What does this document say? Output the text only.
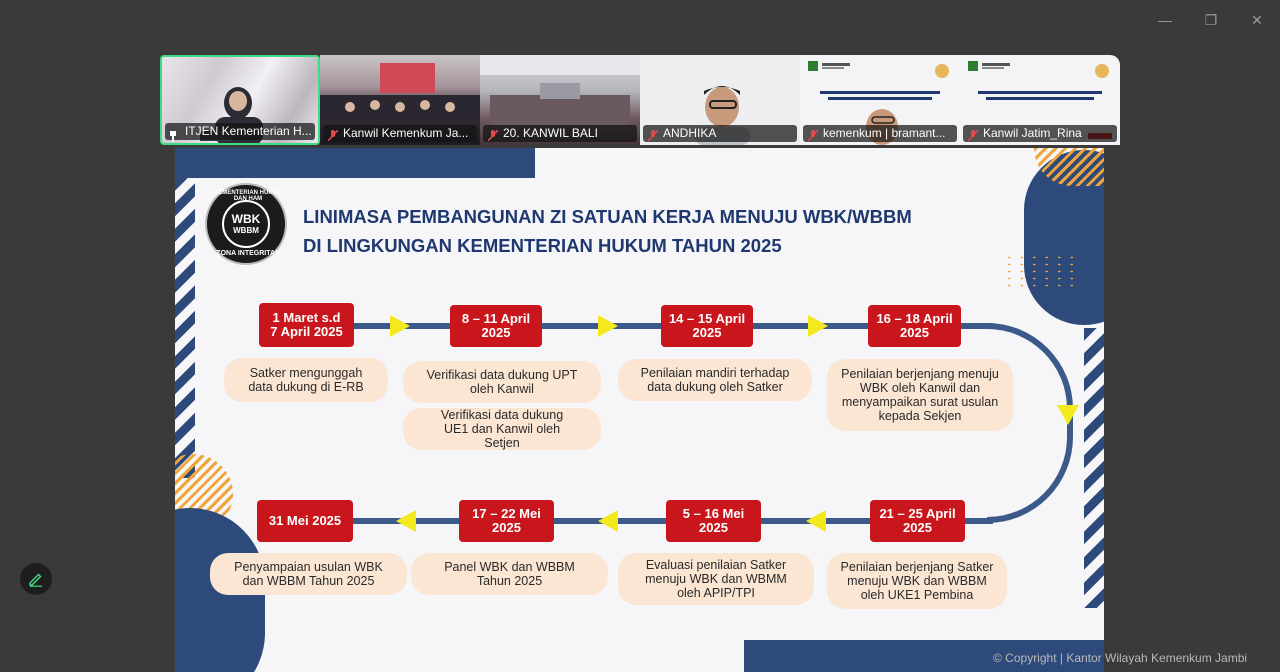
—	❐	✕
ITJEN Kementerian H...	Kanwil Kemenkum Ja...	20. KANWIL BALI	ANDHIKA	kemenkum | bramant...	Kanwil Jatim_Rina
KEMENTERIAN HUKUM DAN HAM
WBK
WBBM
ZONA INTEGRITAS
LINIMASA PEMBANGUNAN ZI SATUAN KERJA MENUJU WBK/WBBM
DI LINGKUNGAN KEMENTERIAN HUKUM TAHUN 2025
1 Maret s.d 7 April 2025
Satker mengunggah data dukung di E-RB
8 – 11 April 2025
Verifikasi data dukung UPT oleh Kanwil
Verifikasi data dukung UE1 dan Kanwil oleh Setjen
14 – 15 April 2025
Penilaian mandiri terhadap data dukung oleh Satker
16 – 18 April 2025
Penilaian berjenjang menuju WBK oleh Kanwil dan menyampaikan surat usulan kepada Sekjen
31 Mei 2025
Penyampaian usulan WBK dan WBBM Tahun 2025
17 – 22 Mei 2025
Panel WBK dan WBBM Tahun 2025
5 – 16 Mei 2025
Evaluasi penilaian Satker menuju WBK dan WBMM oleh APIP/TPI
21 – 25 April 2025
Penilaian berjenjang Satker menuju WBK dan WBBM oleh UKE1 Pembina
© Copyright | Kantor Wilayah Kemenkum Jambi
